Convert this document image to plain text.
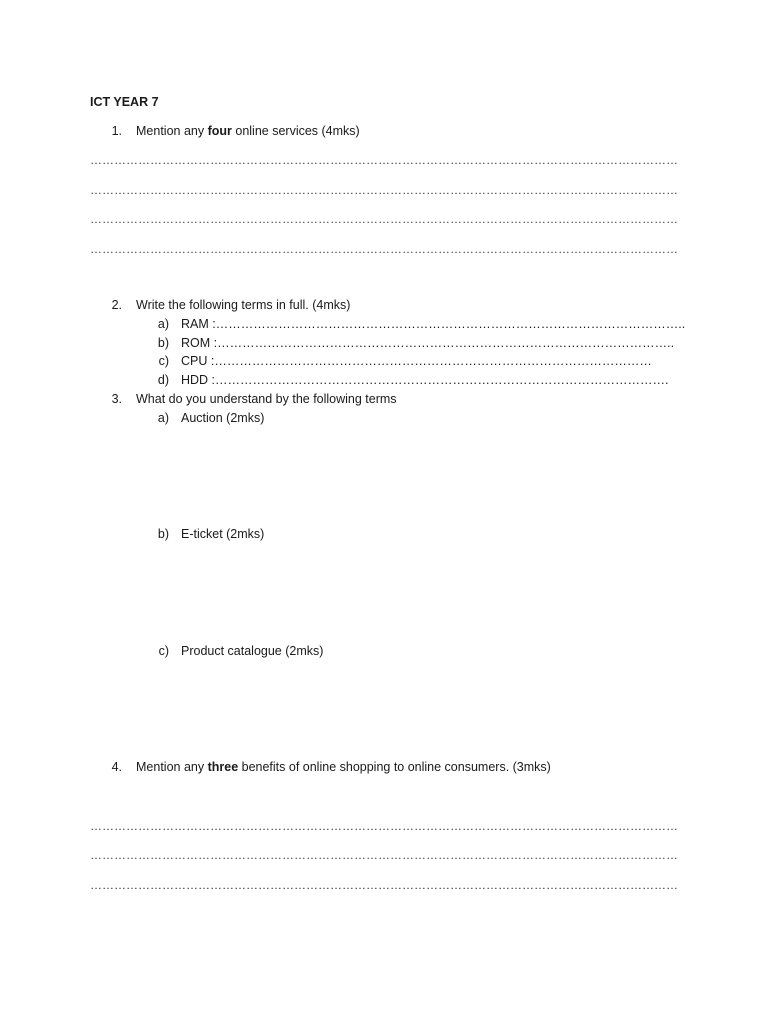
ICT YEAR 7
1. Mention any four online services (4mks)
…………………………………………………………………………………………………………………………………
…………………………………………………………………………………………………………………………………
…………………………………………………………………………………………………………………………………
…………………………………………………………………………………………………………………………………
2. Write the following terms in full. (4mks)
a) RAM :…………………………………………………………………………………………………..
b) ROM :………………………………………………………………………………………………..
c) CPU :……………………………………………………………………………………………
d) HDD :……………………………………………………………………………………………….
3. What do you understand by the following terms
a) Auction (2mks)
b) E-ticket (2mks)
c) Product catalogue (2mks)
4. Mention any three benefits of online shopping to online consumers. (3mks)
…………………………………………………………………………………………………………………………………
…………………………………………………………………………………………………………………………………
…………………………………………………………………………………………………………………………………
